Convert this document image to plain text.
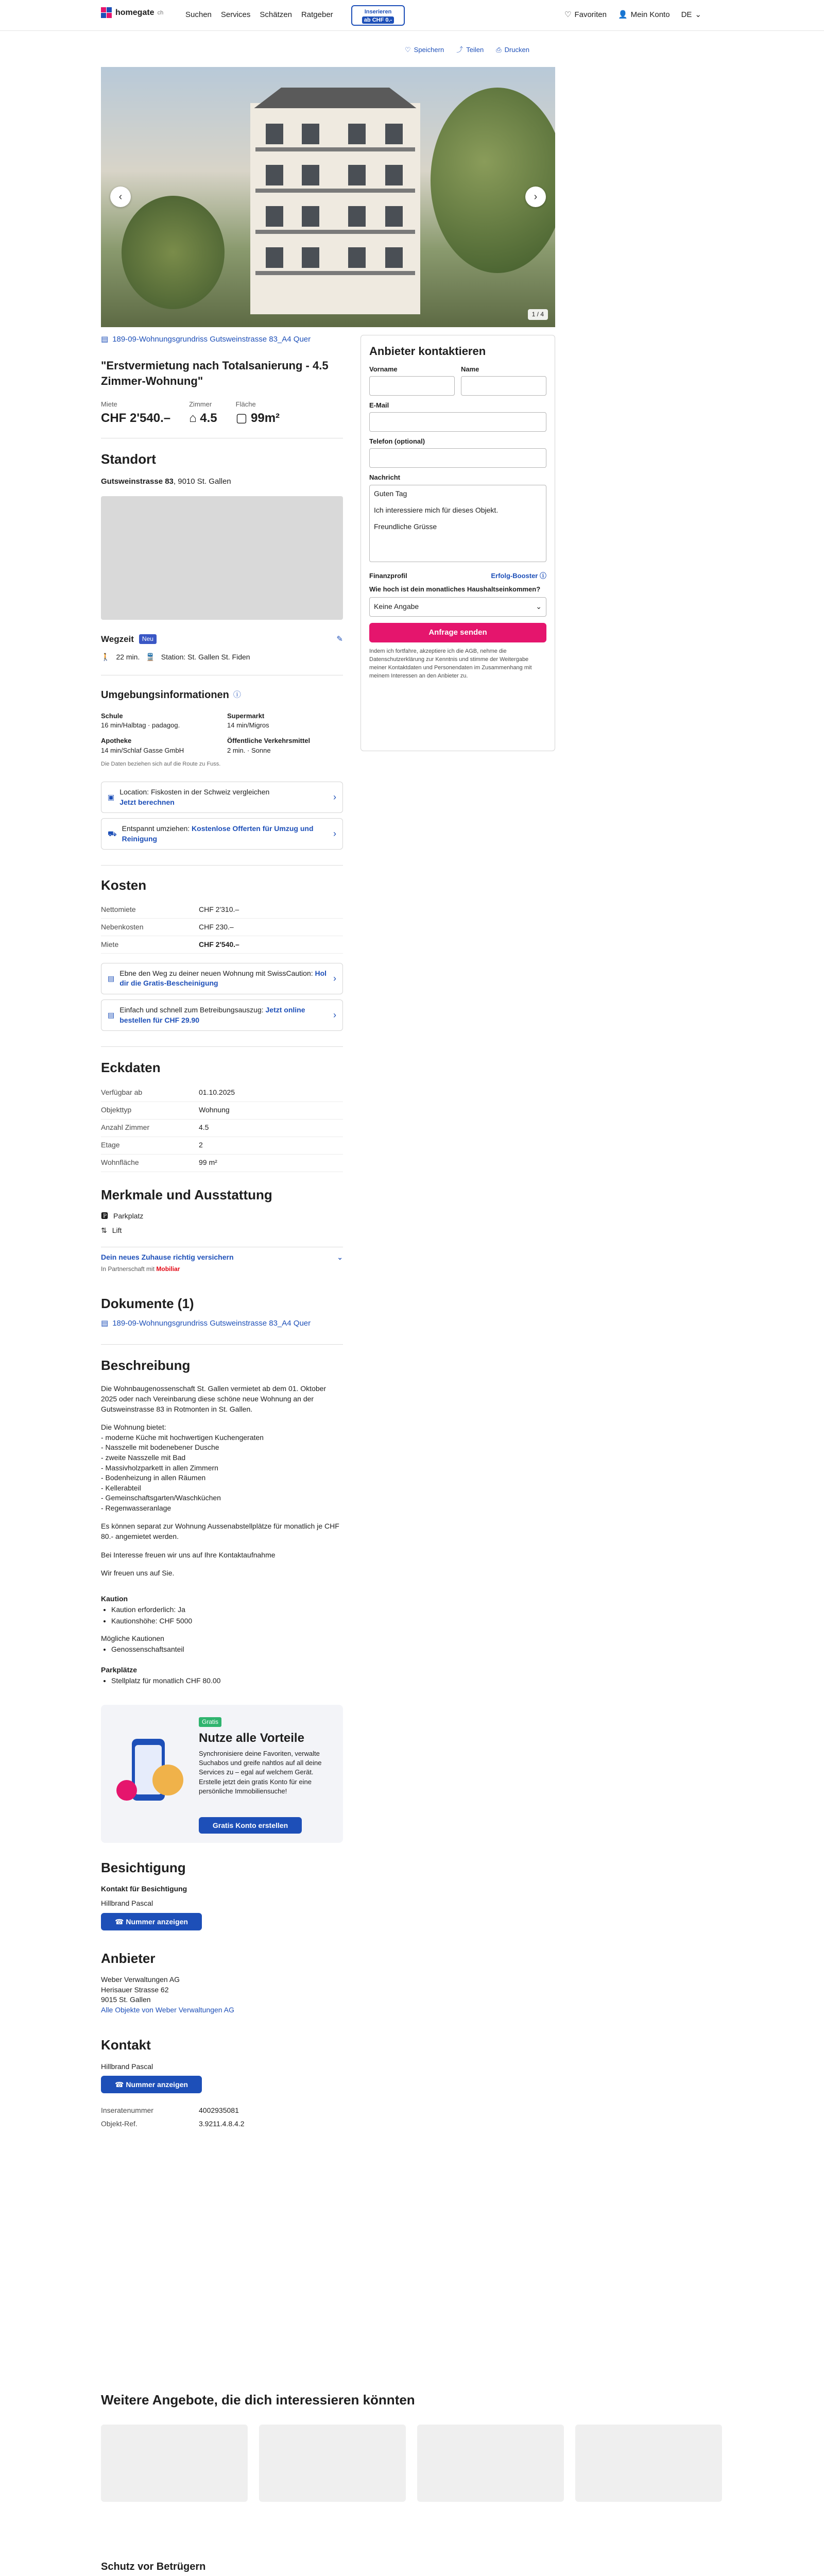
homegate ch	Suchen Services Schätzen Ratgeber	Inserieren
ab CHF 0.-
♡ Favoriten 👤 Mein Konto DE ⌄
♡ Speichern ⤴ Teilen ⎙ Drucken
‹	›
1 / 4
Anbieter kontaktieren
Vorname	Name
E-Mail
Telefon (optional)
Nachricht
Guten Tag Ich interessiere mich für dieses Objekt. Freundliche Grüsse
Finanzprofil	Erfolg-Booster ⓘ
Wie hoch ist dein monatliches Haushaltseinkommen?
Keine Angabe	⌄
Anfrage senden
Indem ich fortfahre, akzeptiere ich die AGB, nehme die Datenschutzerklärung zur Kenntnis und stimme der Weitergabe meiner Kontaktdaten und Personendaten im Zusammenhang mit meinem Interessen an den Anbieter zu.
▤ 189-09-Wohnungsgrundriss Gutsweinstrasse 83_A4 Quer
"Erstvermietung nach Totalsanierung - 4.5 Zimmer-Wohnung"
Miete
CHF 2'540.–
Zimmer
⌂ 4.5
Fläche
▢ 99m²
Standort
Gutsweinstrasse 83, 9010 St. Gallen
Wegzeit	Neu	✎
🚶 22 min. 🚆 Station: St. Gallen St. Fiden
Umgebungsinformationen ⓘ
Schule
16 min/Halbtag · padagog.
Supermarkt
14 min/Migros
Apotheke
14 min/Schlaf Gasse GmbH
Öffentliche Verkehrsmittel
2 min. · Sonne
Die Daten beziehen sich auf die Route zu Fuss.
▣
Location: Fiskosten in der Schweiz vergleichen
Jetzt berechnen	›
⛟
Entspannt umziehen: Kostenlose Offerten für Umzug und Reinigung	›
Kosten
Nettomiete	CHF 2'310.–
Nebenkosten	CHF 230.–
Miete	CHF 2'540.–
▤
Ebne den Weg zu deiner neuen Wohnung mit SwissCaution: Hol dir die Gratis-Bescheinigung	›
▤
Einfach und schnell zum Betreibungsauszug: Jetzt online bestellen für CHF 29.90	›
Eckdaten
Verfügbar ab	01.10.2025
Objekttyp	Wohnung
Anzahl Zimmer	4.5
Etage	2
Wohnfläche	99 m²
Merkmale und Ausstattung
🅿 Parkplatz
⇅ Lift
Dein neues Zuhause richtig versichern	⌄
In Partnerschaft mit Mobiliar
Dokumente (1)
▤ 189-09-Wohnungsgrundriss Gutsweinstrasse 83_A4 Quer
Beschreibung
Die Wohnbaugenossenschaft St. Gallen vermietet ab dem 01. Oktober 2025 oder nach Vereinbarung diese schöne neue Wohnung an der Gutsweinstrasse 83 in Rotmonten in St. Gallen.
Die Wohnung bietet:
- moderne Küche mit hochwertigen Kuchengeraten
- Nasszelle mit bodenebener Dusche
- zweite Nasszelle mit Bad
- Massivholzparkett in allen Zimmern
- Bodenheizung in allen Räumen
- Kellerabteil
- Gemeinschaftsgarten/Waschküchen
- Regenwasseranlage
Es können separat zur Wohnung Aussenabstellplätze für monatlich je CHF 80.- angemietet werden.
Bei Interesse freuen wir uns auf Ihre Kontaktaufnahme
Wir freuen uns auf Sie.
Kaution
• Kaution erforderlich: Ja
• Kautionshöhe: CHF 5000
Mögliche Kautionen
• Genossenschaftsanteil
Parkplätze
• Stellplatz für monatlich CHF 80.00
Gratis
Nutze alle Vorteile
Synchronisiere deine Favoriten, verwalte Suchabos und greife nahtlos auf all deine Services zu – egal auf welchem Gerät. Erstelle jetzt dein gratis Konto für eine persönliche Immobiliensuche!
Gratis Konto erstellen
Besichtigung
Kontakt für Besichtigung
Hillbrand Pascal
☎ Nummer anzeigen
Anbieter
Weber Verwaltungen AG
Herisauer Strasse 62
9015 St. Gallen
Alle Objekte von Weber Verwaltungen AG
Kontakt
Hillbrand Pascal
☎ Nummer anzeigen
Inseratenummer	4002935081
Objekt-Ref.	3.9211.4.8.4.2
Weitere Angebote, die dich interessieren könnten
Schutz vor Betrügern
